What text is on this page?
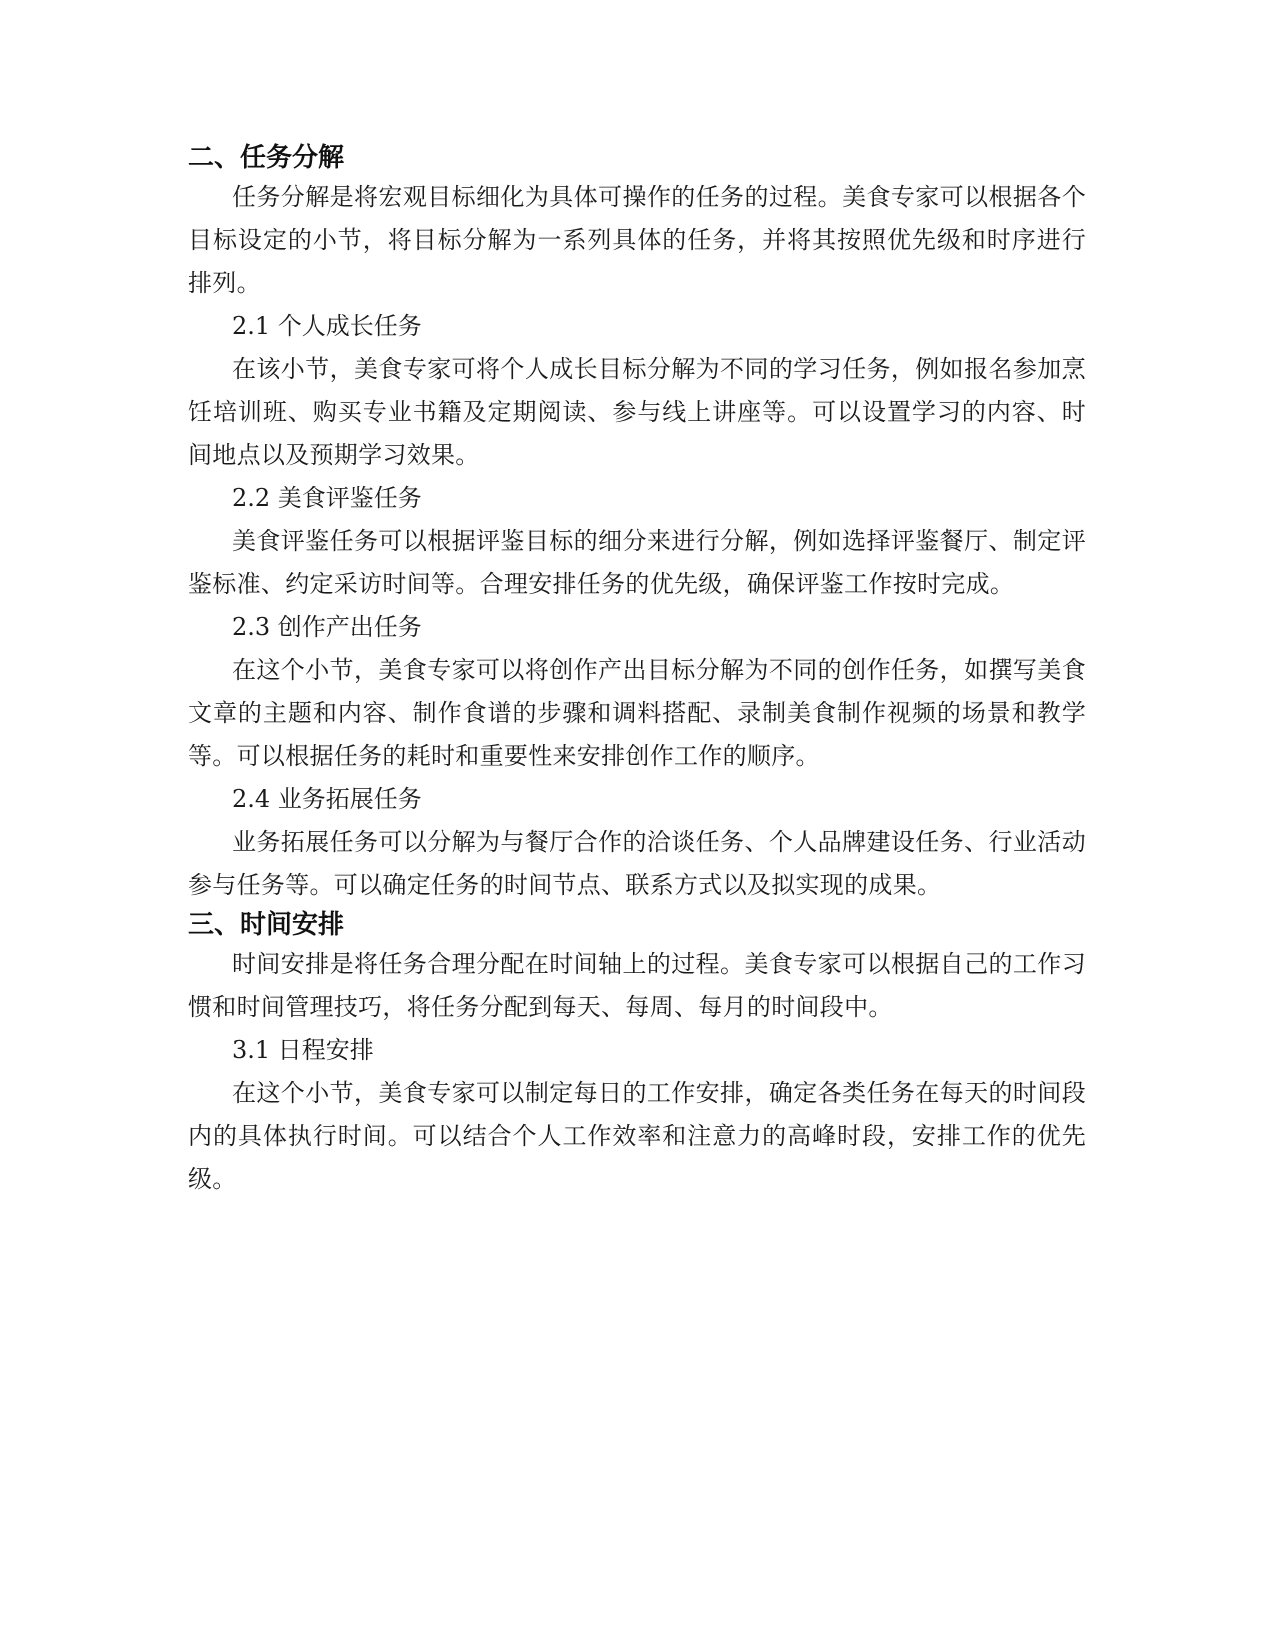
二、任务分解

任务分解是将宏观目标细化为具体可操作的任务的过程。美食专家可以根据各个目标设定的小节，将目标分解为一系列具体的任务，并将其按照优先级和时序进行排列。

2.1 个人成长任务

在该小节，美食专家可将个人成长目标分解为不同的学习任务，例如报名参加烹饪培训班、购买专业书籍及定期阅读、参与线上讲座等。可以设置学习的内容、时间地点以及预期学习效果。

2.2 美食评鉴任务

美食评鉴任务可以根据评鉴目标的细分来进行分解，例如选择评鉴餐厅、制定评鉴标准、约定采访时间等。合理安排任务的优先级，确保评鉴工作按时完成。

2.3 创作产出任务

在这个小节，美食专家可以将创作产出目标分解为不同的创作任务，如撰写美食文章的主题和内容、制作食谱的步骤和调料搭配、录制美食制作视频的场景和教学等。可以根据任务的耗时和重要性来安排创作工作的顺序。

2.4 业务拓展任务

业务拓展任务可以分解为与餐厅合作的洽谈任务、个人品牌建设任务、行业活动参与任务等。可以确定任务的时间节点、联系方式以及拟实现的成果。

三、时间安排

时间安排是将任务合理分配在时间轴上的过程。美食专家可以根据自己的工作习惯和时间管理技巧，将任务分配到每天、每周、每月的时间段中。

3.1 日程安排

在这个小节，美食专家可以制定每日的工作安排，确定各类任务在每天的时间段内的具体执行时间。可以结合个人工作效率和注意力的高峰时段，安排工作的优先级。
